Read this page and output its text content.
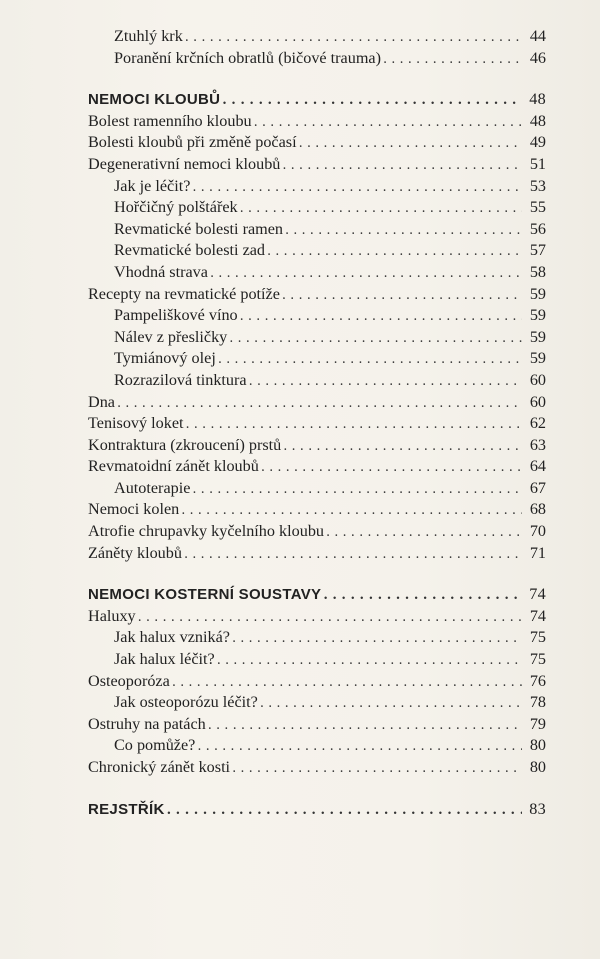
Ztuhlý krk . . .	44
Poranění krčních obratlů (bičové trauma) . . .	46
NEMOCI KLOUBŮ . . .	48
Bolest ramenního kloubu . . .	48
Bolesti kloubů při změně počasí . . .	49
Degenerativní nemoci kloubů . . .	51
Jak je léčit? . . .	53
Hořčičný polštářek . . .	55
Revmatické bolesti ramen . . .	56
Revmatické bolesti zad . . .	57
Vhodná strava . . .	58
Recepty na revmatické potíže . . .	59
Pampeliškové víno . . .	59
Nálev z přesličky . . .	59
Tymiánový olej . . .	59
Rozrazilová tinktura . . .	60
Dna . . .	60
Tenisový loket . . .	62
Kontraktura (zkroucení) prstů . . .	63
Revmatoidní zánět kloubů . . .	64
Autoterapie . . .	67
Nemoci kolen . . .	68
Atrofie chrupavky kyčelního kloubu . . .	70
Záněty kloubů . . .	71
NEMOCI KOSTERNÍ SOUSTAVY . . .	74
Haluxy . . .	74
Jak halux vzniká? . . .	75
Jak halux léčit? . . .	75
Osteoporóza . . .	76
Jak osteoporózu léčit? . . .	78
Ostruhy na patách . . .	79
Co pomůže? . . .	80
Chronický zánět kosti . . .	80
REJSTŘÍK . . .	83
